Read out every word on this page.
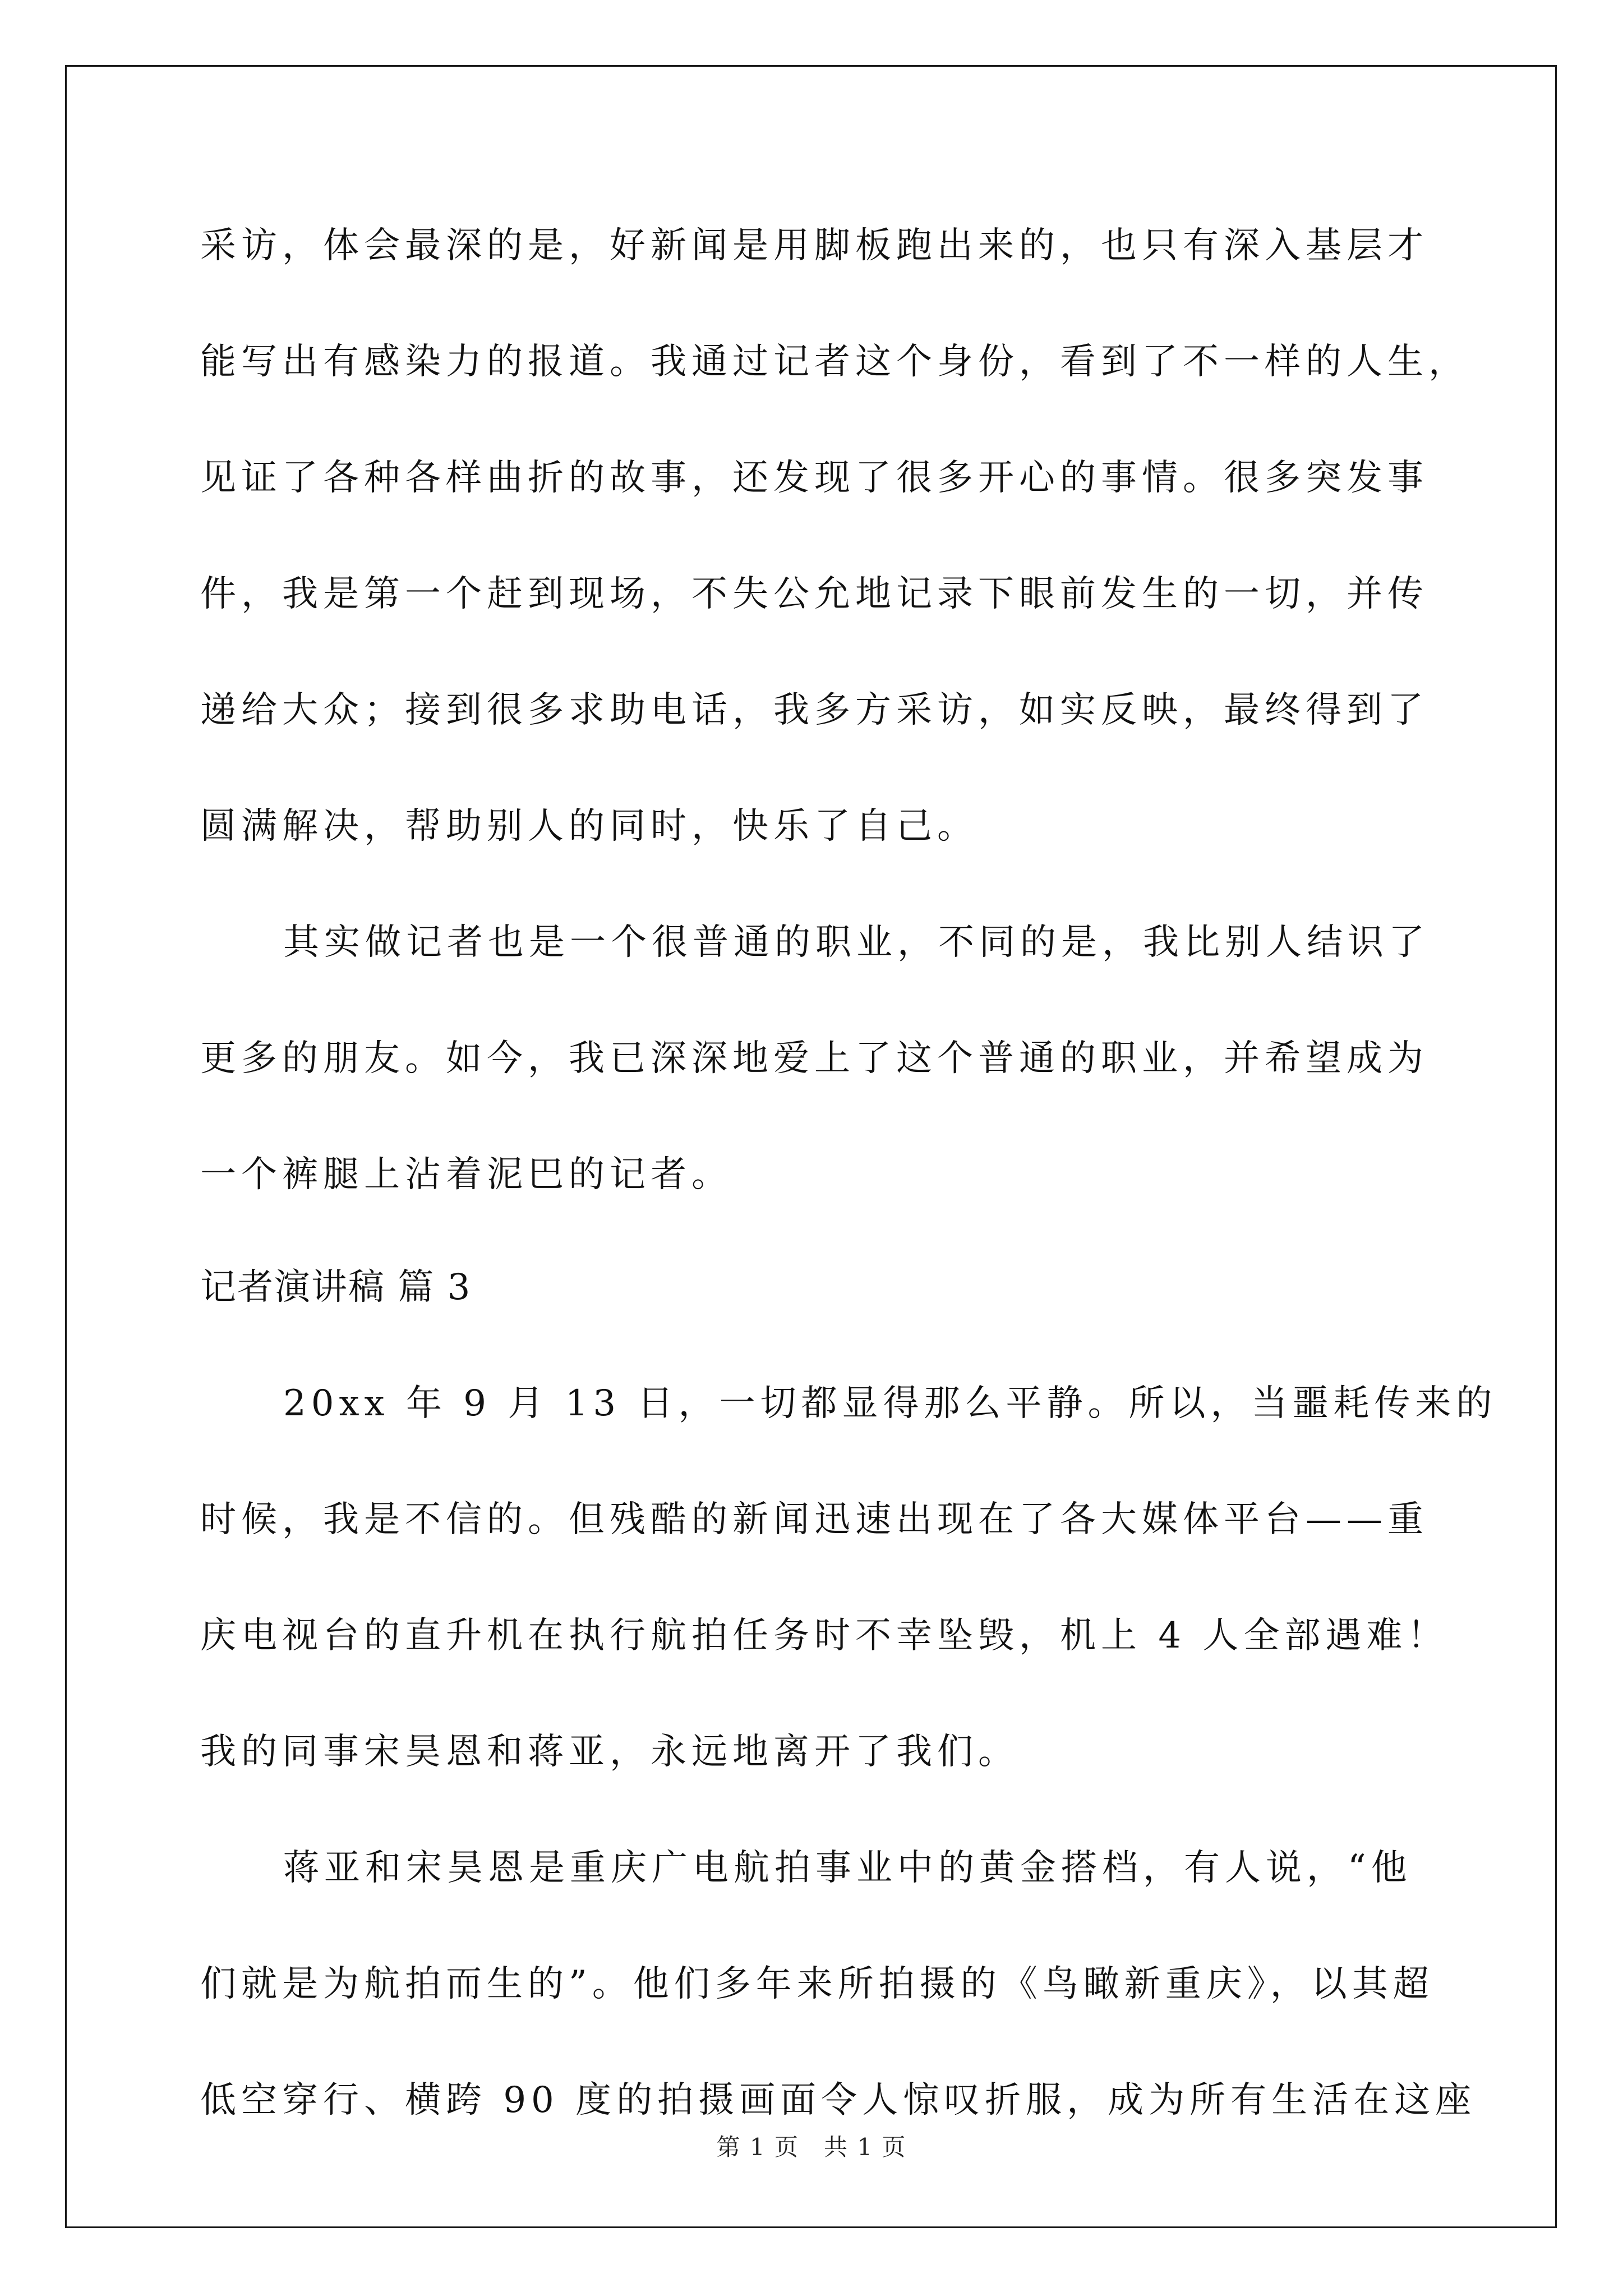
采访，体会最深的是，好新闻是用脚板跑出来的，也只有深入基层才
能写出有感染力的报道。我通过记者这个身份，看到了不一样的人生，
见证了各种各样曲折的故事，还发现了很多开心的事情。很多突发事
件，我是第一个赶到现场，不失公允地记录下眼前发生的一切，并传
递给大众；接到很多求助电话，我多方采访，如实反映，最终得到了
圆满解决，帮助别人的同时，快乐了自己。
其实做记者也是一个很普通的职业，不同的是，我比别人结识了
更多的朋友。如今，我已深深地爱上了这个普通的职业，并希望成为
一个裤腿上沾着泥巴的记者。
记者演讲稿 篇 3
20xx 年 9 月 13 日，一切都显得那么平静。所以，当噩耗传来的
时候，我是不信的。但残酷的新闻迅速出现在了各大媒体平台——重
庆电视台的直升机在执行航拍任务时不幸坠毁，机上 4 人全部遇难！
我的同事宋昊恩和蒋亚，永远地离开了我们。
蒋亚和宋昊恩是重庆广电航拍事业中的黄金搭档，有人说，“他
们就是为航拍而生的”。他们多年来所拍摄的《鸟瞰新重庆》，以其超
低空穿行、横跨 90 度的拍摄画面令人惊叹折服，成为所有生活在这座
第 1 页　共 1 页
